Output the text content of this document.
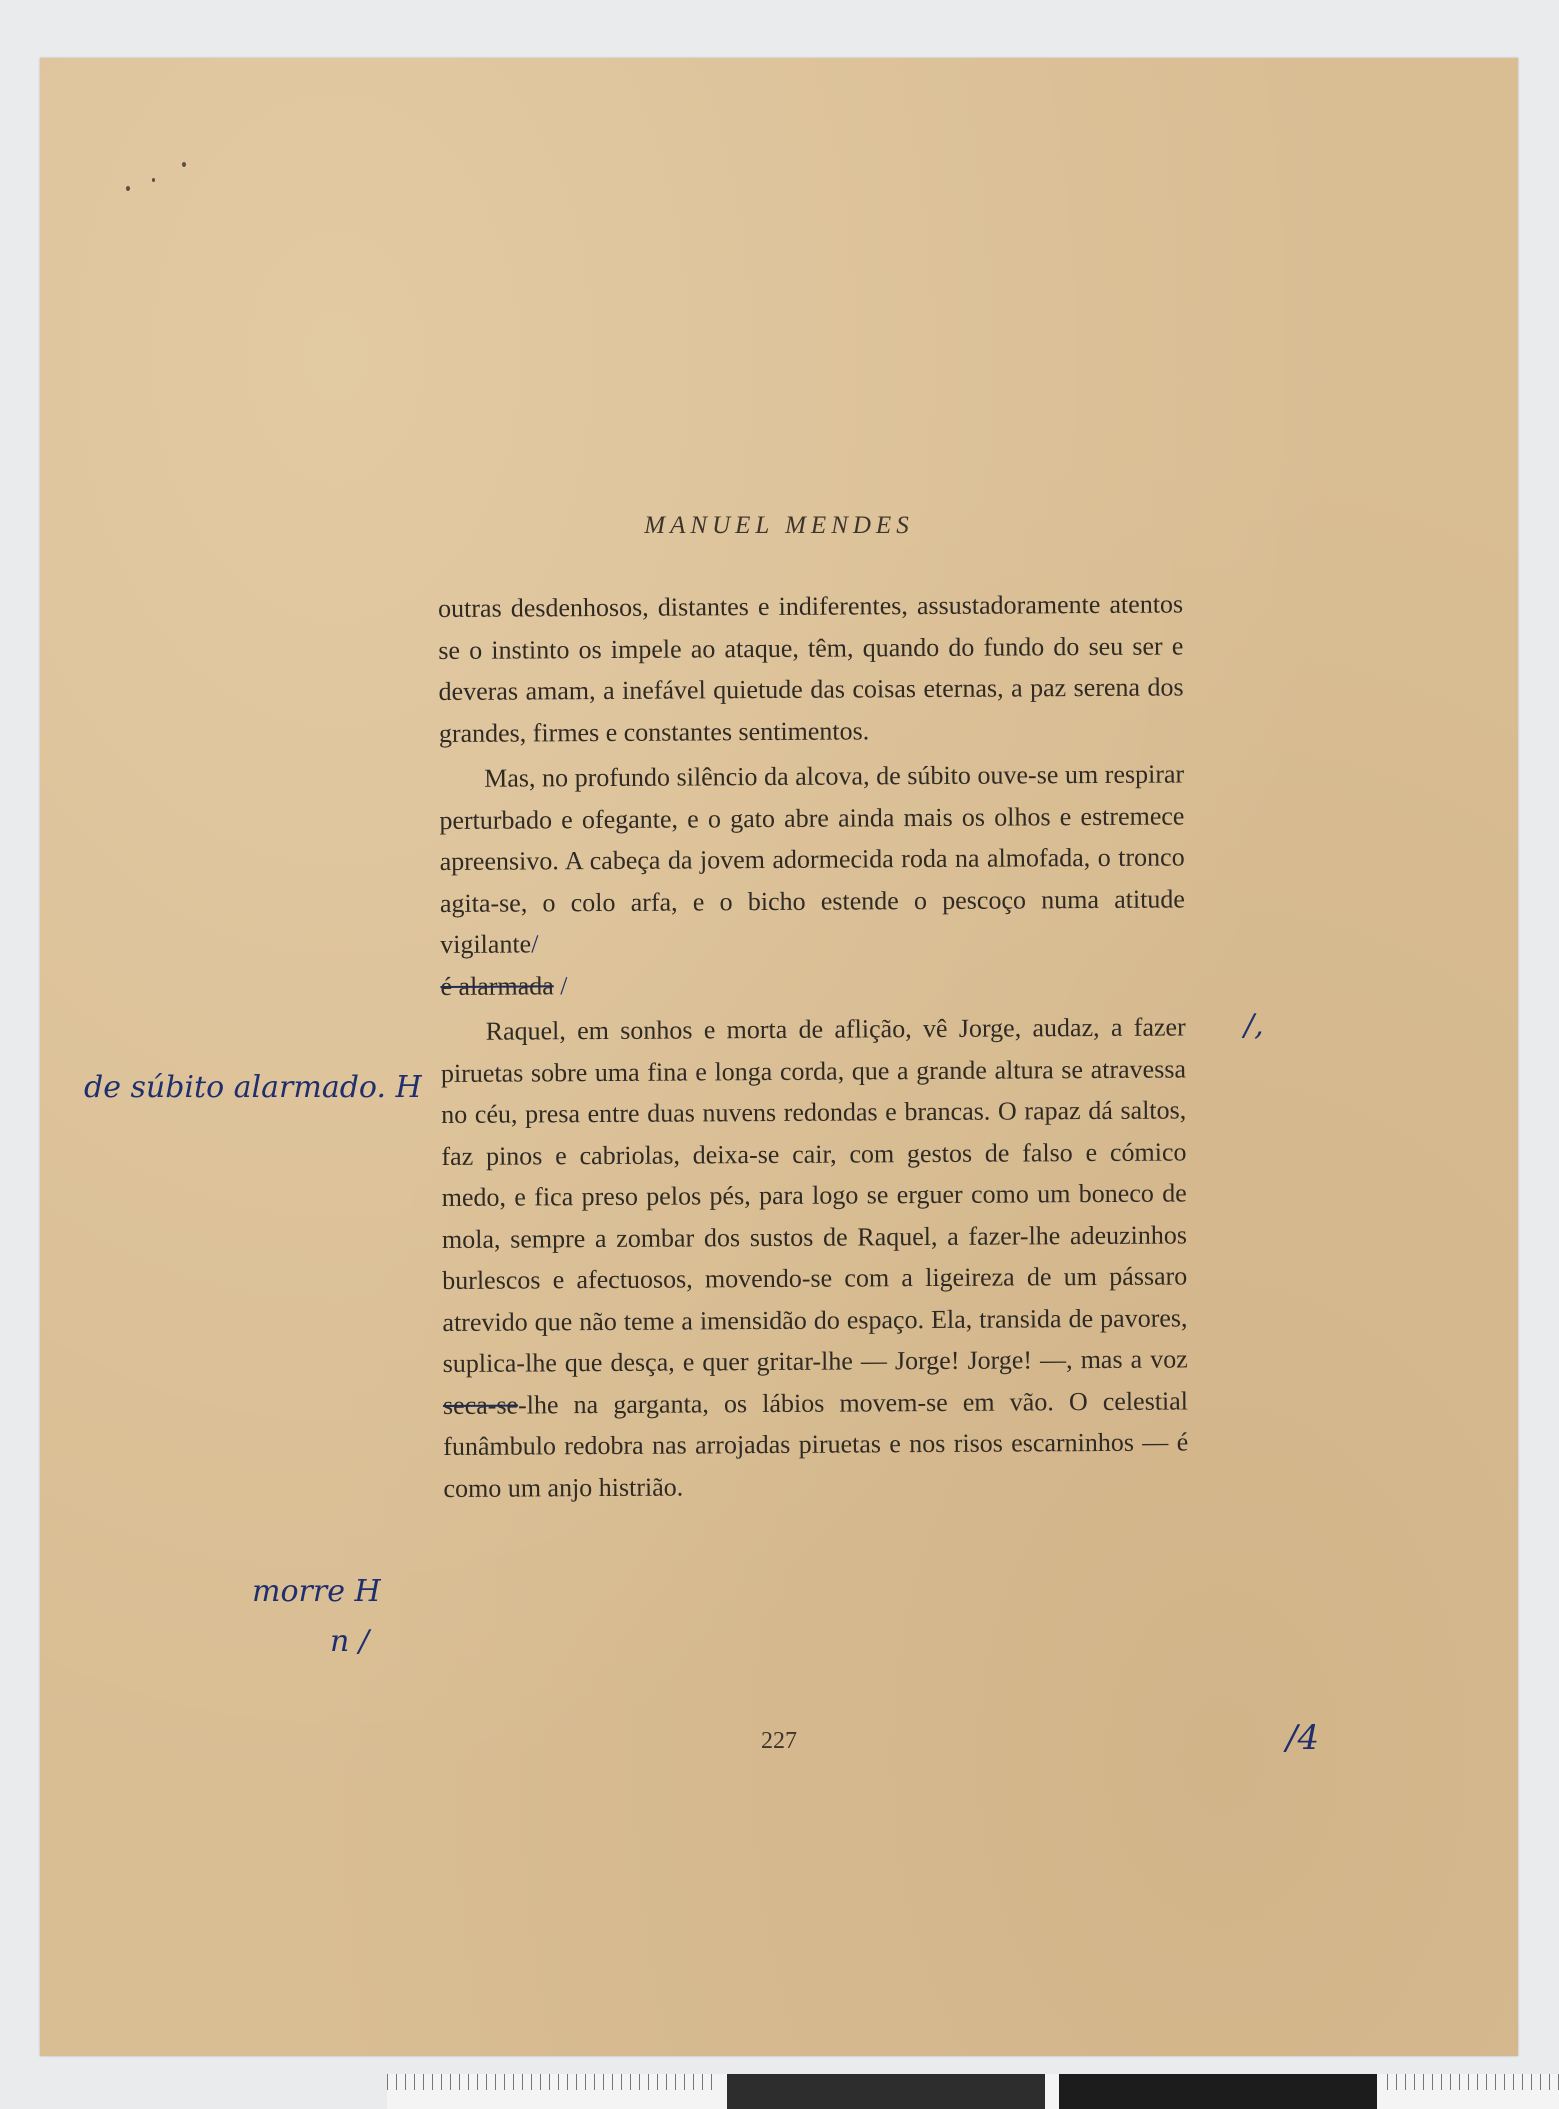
MANUEL MENDES

outras desdenhosos, distantes e indiferentes, assustadoramente atentos se o instinto os impele ao ataque, têm, quando do fundo do seu ser e deveras amam, a inefável quietude das coisas eternas, a paz serena dos grandes, firmes e constantes sentimentos.

Mas, no profundo silêncio da alcova, de súbito ouve-se um respirar perturbado e ofegante, e o gato abre ainda mais os olhos e estremece apreensivo. A cabeça da jovem adormecida roda na almofada, o tronco agita-se, o colo arfa, e o bicho estende o pescoço numa atitude vigilante/
é alarmada /

Raquel, em sonhos e morta de aflição, vê Jorge, audaz, a fazer piruetas sobre uma fina e longa corda, que a grande altura se atravessa no céu, presa entre duas nuvens redondas e brancas. O rapaz dá saltos, faz pinos e cabriolas, deixa-se cair, com gestos de falso e cómico medo, e fica preso pelos pés, para logo se erguer como um boneco de mola, sempre a zombar dos sustos de Raquel, a fazer-lhe adeuzinhos burlescos e afectuosos, movendo-se com a ligeireza de um pássaro atrevido que não teme a imensidão do espaço. Ela, transida de pavores, suplica-lhe que desça, e quer gritar-lhe — Jorge! Jorge! —, mas a voz seca-se-lhe na garganta, os lábios movem-se em vão. O celestial funâmbulo redobra nas arrojadas piruetas e nos risos escarninhos — é como um anjo histrião.

de súbito alarmado. H
morre H
n /
/,
/4
227
